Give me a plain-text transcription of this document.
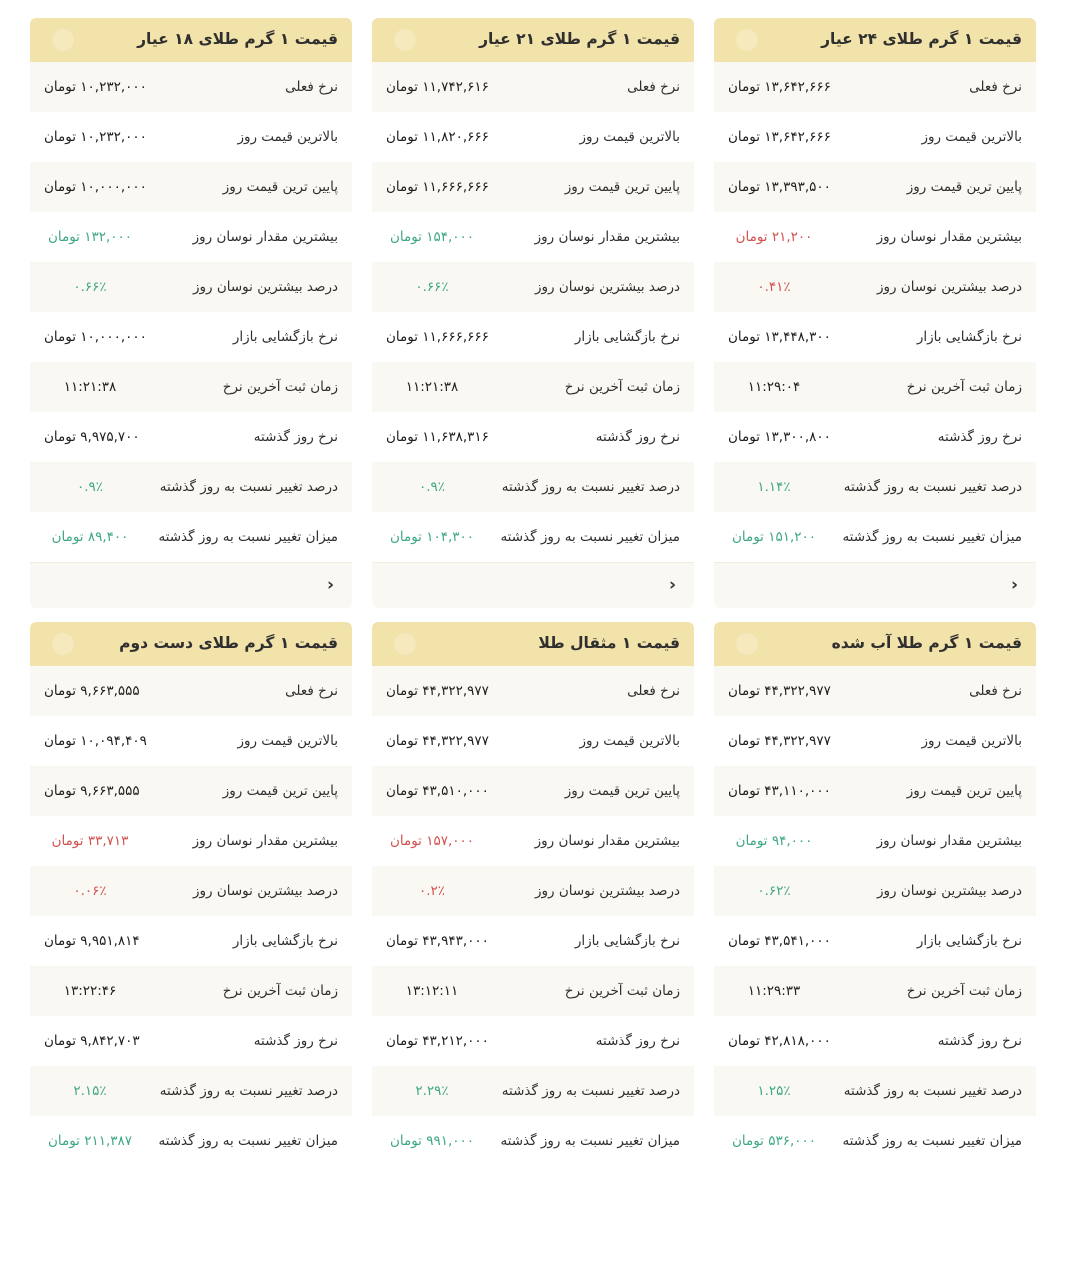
قیمت ۱ گرم طلای ۲۴ عیار
نرخ فعلی
۱۳,۶۴۲,۶۶۶ تومان
بالاترین قیمت روز
۱۳,۶۴۲,۶۶۶ تومان
پایین ترین قیمت روز
۱۳,۳۹۳,۵۰۰ تومان
بیشترین مقدار نوسان روز
۲۱,۲۰۰ تومان
درصد بیشترین نوسان روز
۰.۴۱٪
نرخ بازگشایی بازار
۱۳,۴۴۸,۳۰۰ تومان
زمان ثبت آخرین نرخ
۱۱:۲۹:۰۴
نرخ روز گذشته
۱۳,۳۰۰,۸۰۰ تومان
درصد تغییر نسبت به روز گذشته
۱.۱۴٪
میزان تغییر نسبت به روز گذشته
۱۵۱,۲۰۰ تومان
‹
قیمت ۱ گرم طلای ۲۱ عیار
نرخ فعلی
۱۱,۷۴۲,۶۱۶ تومان
بالاترین قیمت روز
۱۱,۸۲۰,۶۶۶ تومان
پایین ترین قیمت روز
۱۱,۶۶۶,۶۶۶ تومان
بیشترین مقدار نوسان روز
۱۵۴,۰۰۰ تومان
درصد بیشترین نوسان روز
۰.۶۶٪
نرخ بازگشایی بازار
۱۱,۶۶۶,۶۶۶ تومان
زمان ثبت آخرین نرخ
۱۱:۲۱:۳۸
نرخ روز گذشته
۱۱,۶۳۸,۳۱۶ تومان
درصد تغییر نسبت به روز گذشته
۰.۹٪
میزان تغییر نسبت به روز گذشته
۱۰۴,۳۰۰ تومان
‹
قیمت ۱ گرم طلای ۱۸ عیار
نرخ فعلی
۱۰,۲۳۲,۰۰۰ تومان
بالاترین قیمت روز
۱۰,۲۳۲,۰۰۰ تومان
پایین ترین قیمت روز
۱۰,۰۰۰,۰۰۰ تومان
بیشترین مقدار نوسان روز
۱۳۲,۰۰۰ تومان
درصد بیشترین نوسان روز
۰.۶۶٪
نرخ بازگشایی بازار
۱۰,۰۰۰,۰۰۰ تومان
زمان ثبت آخرین نرخ
۱۱:۲۱:۳۸
نرخ روز گذشته
۹,۹۷۵,۷۰۰ تومان
درصد تغییر نسبت به روز گذشته
۰.۹٪
میزان تغییر نسبت به روز گذشته
۸۹,۴۰۰ تومان
‹
قیمت ۱ گرم طلا آب شده
نرخ فعلی
۴۴,۳۲۲,۹۷۷ تومان
بالاترین قیمت روز
۴۴,۳۲۲,۹۷۷ تومان
پایین ترین قیمت روز
۴۳,۱۱۰,۰۰۰ تومان
بیشترین مقدار نوسان روز
۹۴,۰۰۰ تومان
درصد بیشترین نوسان روز
۰.۶۲٪
نرخ بازگشایی بازار
۴۳,۵۴۱,۰۰۰ تومان
زمان ثبت آخرین نرخ
۱۱:۲۹:۳۳
نرخ روز گذشته
۴۲,۸۱۸,۰۰۰ تومان
درصد تغییر نسبت به روز گذشته
۱.۲۵٪
میزان تغییر نسبت به روز گذشته
۵۳۶,۰۰۰ تومان
قیمت ۱ مثقال طلا
نرخ فعلی
۴۴,۳۲۲,۹۷۷ تومان
بالاترین قیمت روز
۴۴,۳۲۲,۹۷۷ تومان
پایین ترین قیمت روز
۴۳,۵۱۰,۰۰۰ تومان
بیشترین مقدار نوسان روز
۱۵۷,۰۰۰ تومان
درصد بیشترین نوسان روز
۰.۲٪
نرخ بازگشایی بازار
۴۳,۹۴۳,۰۰۰ تومان
زمان ثبت آخرین نرخ
۱۳:۱۲:۱۱
نرخ روز گذشته
۴۳,۲۱۲,۰۰۰ تومان
درصد تغییر نسبت به روز گذشته
۲.۲۹٪
میزان تغییر نسبت به روز گذشته
۹۹۱,۰۰۰ تومان
قیمت ۱ گرم طلای دست دوم
نرخ فعلی
۹,۶۶۳,۵۵۵ تومان
بالاترین قیمت روز
۱۰,۰۹۴,۴۰۹ تومان
پایین ترین قیمت روز
۹,۶۶۳,۵۵۵ تومان
بیشترین مقدار نوسان روز
۳۳,۷۱۳ تومان
درصد بیشترین نوسان روز
۰.۰۶٪
نرخ بازگشایی بازار
۹,۹۵۱,۸۱۴ تومان
زمان ثبت آخرین نرخ
۱۳:۲۲:۴۶
نرخ روز گذشته
۹,۸۴۲,۷۰۳ تومان
درصد تغییر نسبت به روز گذشته
۲.۱۵٪
میزان تغییر نسبت به روز گذشته
۲۱۱,۳۸۷ تومان
